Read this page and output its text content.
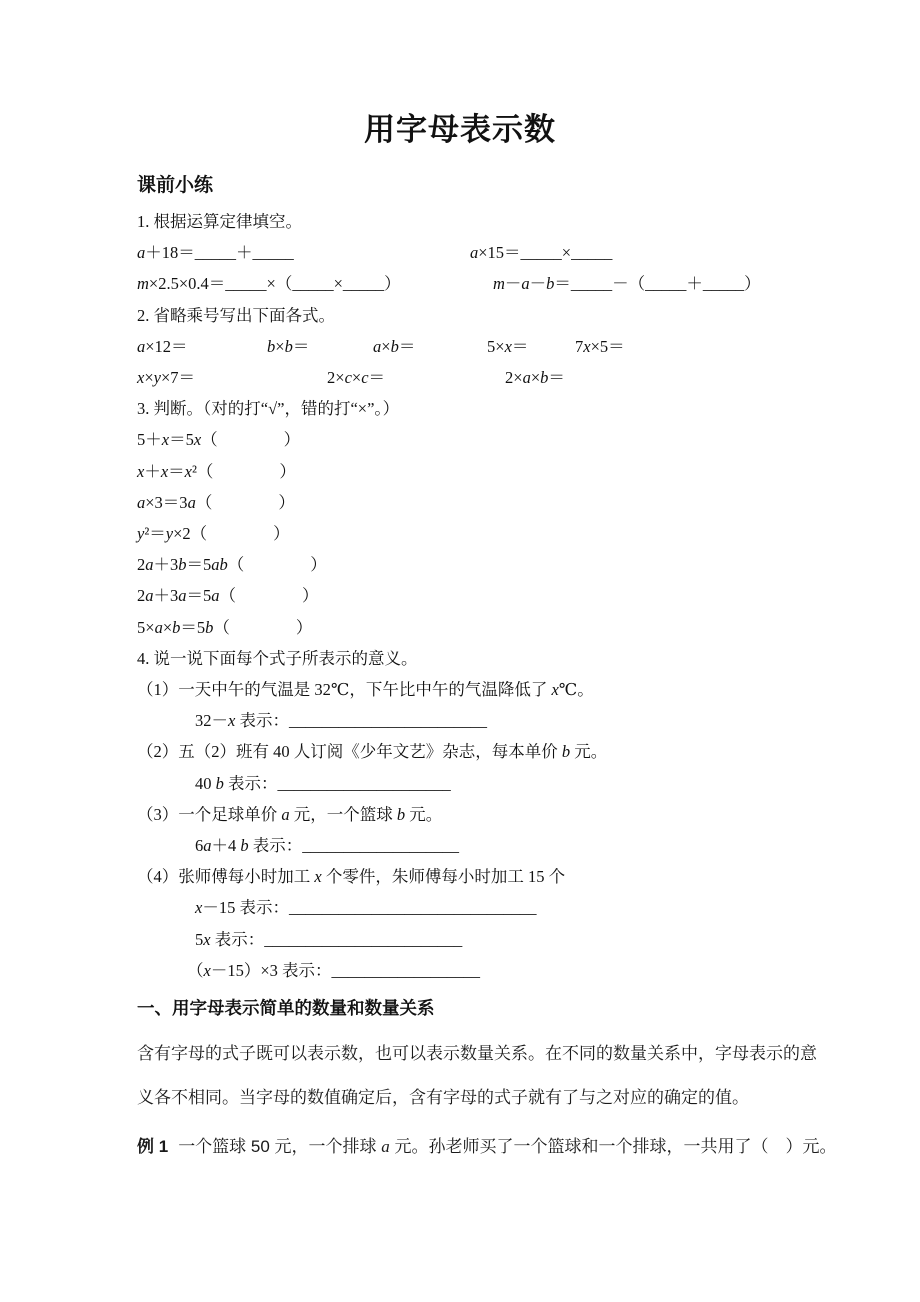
用字母表示数
课前小练
1. 根据运算定律填空。
a＋18＝_____＋_____	a×15＝_____×_____
m×2.5×0.4＝_____×（_____×_____）	m－a－b＝_____－（_____＋_____）
2. 省略乘号写出下面各式。
a×12＝	b×b＝	a×b＝	5×x＝	7x×5＝
x×y×7＝	2×c×c＝	2×a×b＝
3. 判断。（对的打“√”，错的打“×”。）
5＋x＝5x（　　　　）
x＋x＝x²（　　　　）
a×3＝3a（　　　　）
y²＝y×2（　　　　）
2a＋3b＝5ab（　　　　）
2a＋3a＝5a（　　　　）
5×a×b＝5b（　　　　）
4. 说一说下面每个式子所表示的意义。
（1）一天中午的气温是 32℃，下午比中午的气温降低了 x℃。
32－x 表示：________________________
（2）五（2）班有 40 人订阅《少年文艺》杂志，每本单价 b 元。
40 b 表示：_____________________
（3）一个足球单价 a 元，一个篮球 b 元。
6a＋4 b 表示：___________________
（4）张师傅每小时加工 x 个零件，朱师傅每小时加工 15 个
x－15 表示：______________________________
5x 表示：________________________
（x－15）×3 表示：__________________
一、用字母表示简单的数量和数量关系
含有字母的式子既可以表示数，也可以表示数量关系。在不同的数量关系中，字母表示的意
义各不相同。当字母的数值确定后，含有字母的式子就有了与之对应的确定的值。
例 1 一个篮球 50 元，一个排球 a 元。孙老师买了一个篮球和一个排球，一共用了（　）元。
